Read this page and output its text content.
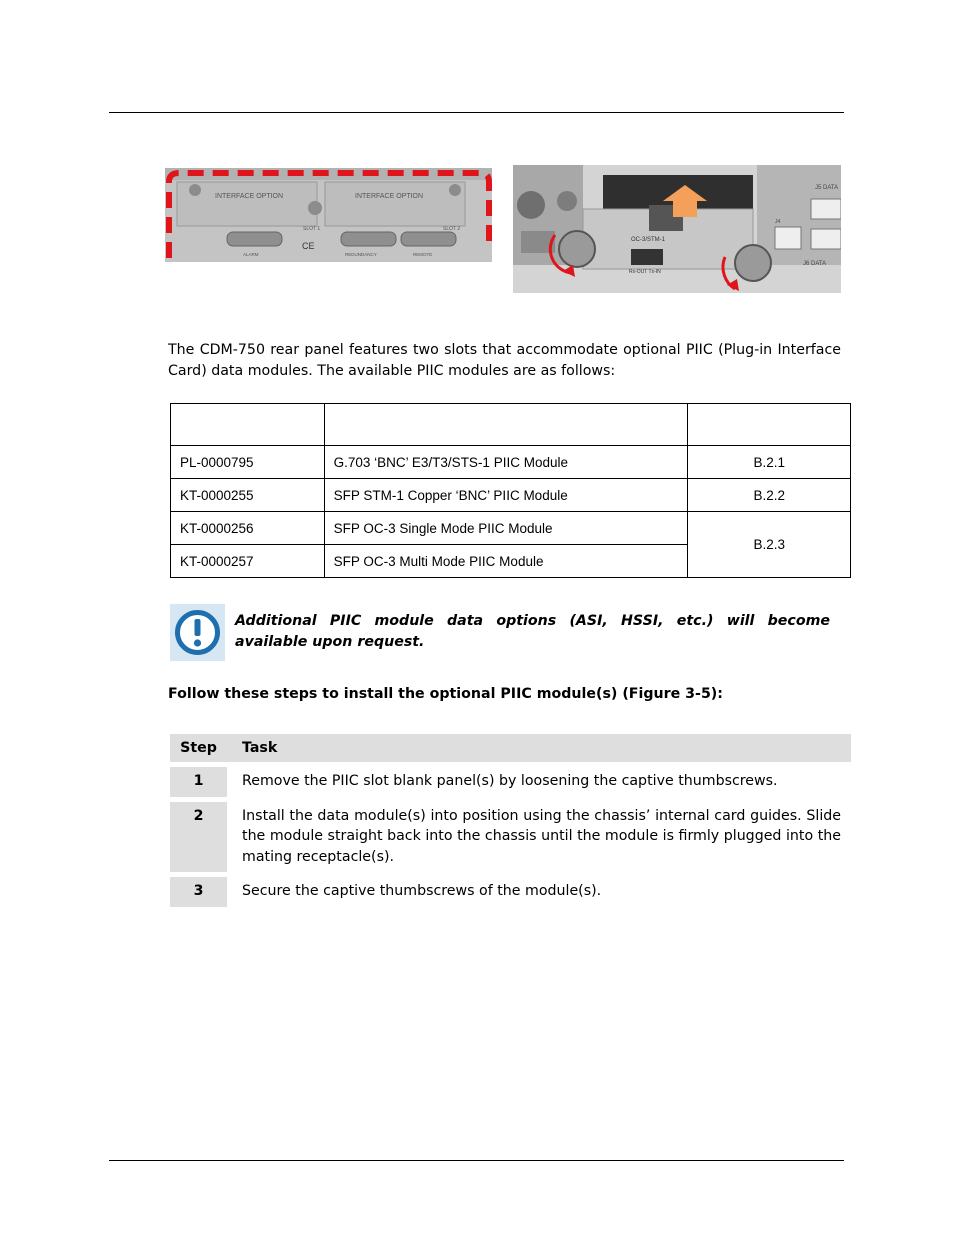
INTERFACE OPTION	INTERFACE OPTION
SLOT 1	SLOT 2
ALARM	REDUNDANCY	REMOTE
CE
OC-3/STM-1
Rx-OUT Tx-IN
J5 DATA
J6 DATA
J4
The CDM-750 rear panel features two slots that accommodate optional PIIC (Plug-in Interface Card) data modules. The available PIIC modules are as follows:

PL-0000795	G.703 ‘BNC’ E3/T3/STS-1 PIIC Module	B.2.1
KT-0000255	SFP STM-1 Copper ‘BNC’ PIIC Module	B.2.2
KT-0000256	SFP OC-3 Single Mode PIIC Module	B.2.3
KT-0000257	SFP OC-3 Multi Mode PIIC Module	
Additional PIIC module data options (ASI, HSSI, etc.) will become available upon request.
Follow these steps to install the optional PIIC module(s) (Figure 3-5):
Step	Task
1	Remove the PIIC slot blank panel(s) by loosening the captive thumbscrews.
2	Install the data module(s) into position using the chassis’ internal card guides. Slide the module straight back into the chassis until the module is firmly plugged into the mating receptacle(s).
3	Secure the captive thumbscrews of the module(s).
